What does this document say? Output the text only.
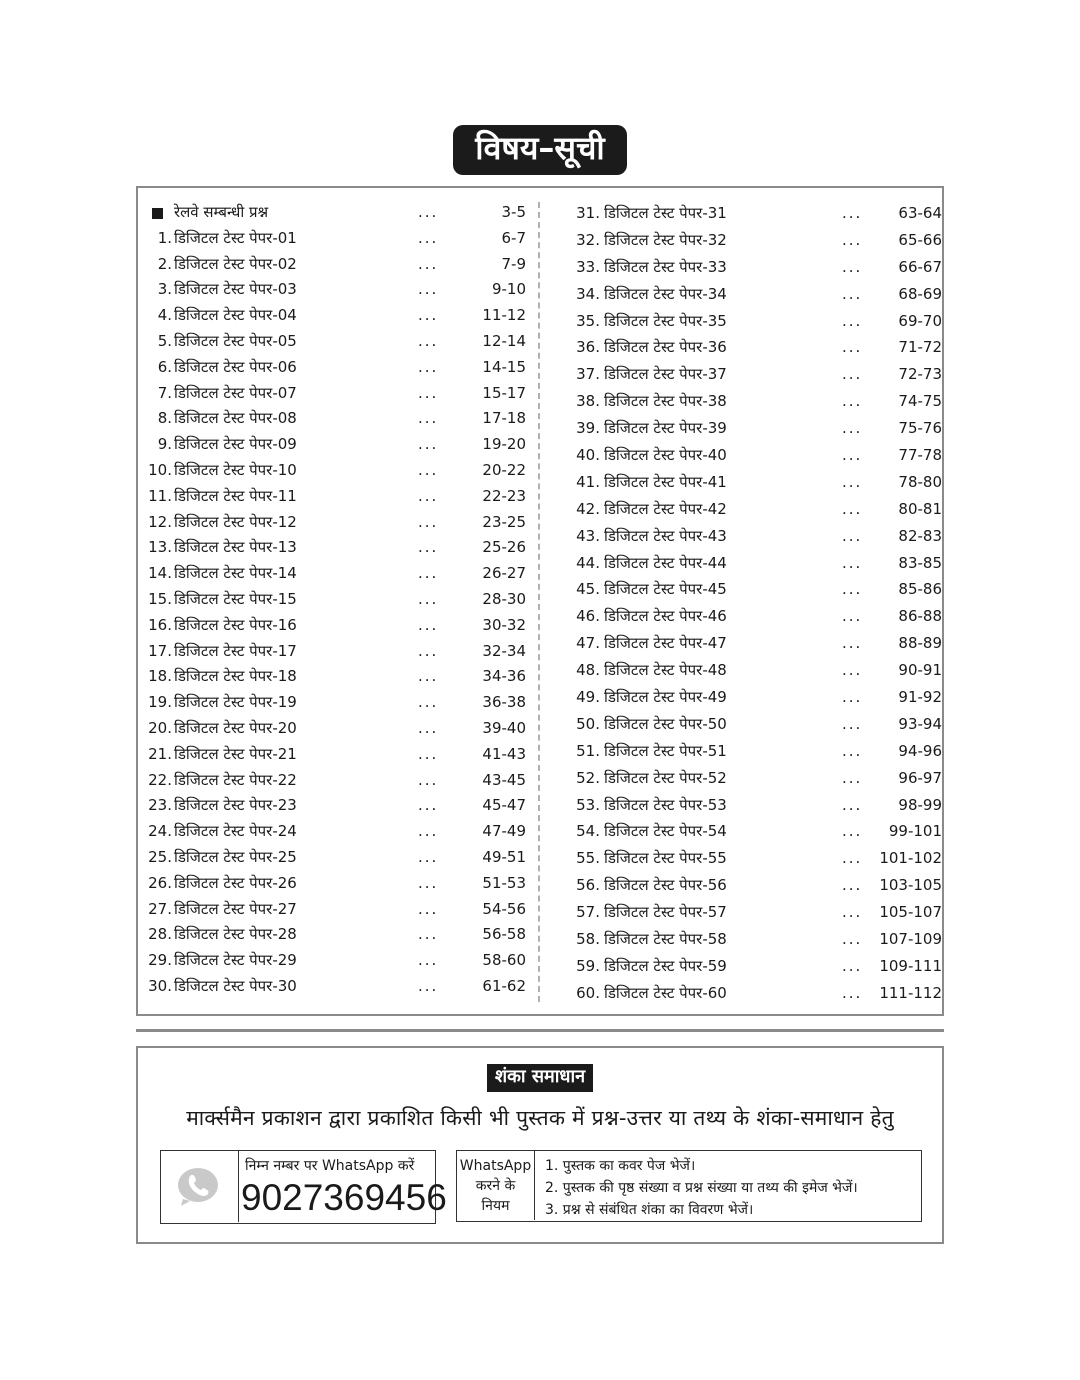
विषय–सूची
रेलवे सम्बन्धी प्रश्न	...	3-5
1. डिजिटल टेस्ट पेपर-01	...	6-7
2. डिजिटल टेस्ट पेपर-02	...	7-9
3. डिजिटल टेस्ट पेपर-03	...	9-10
4. डिजिटल टेस्ट पेपर-04	...	11-12
5. डिजिटल टेस्ट पेपर-05	...	12-14
6. डिजिटल टेस्ट पेपर-06	...	14-15
7. डिजिटल टेस्ट पेपर-07	...	15-17
8. डिजिटल टेस्ट पेपर-08	...	17-18
9. डिजिटल टेस्ट पेपर-09	...	19-20
10. डिजिटल टेस्ट पेपर-10	...	20-22
11. डिजिटल टेस्ट पेपर-11	...	22-23
12. डिजिटल टेस्ट पेपर-12	...	23-25
13. डिजिटल टेस्ट पेपर-13	...	25-26
14. डिजिटल टेस्ट पेपर-14	...	26-27
15. डिजिटल टेस्ट पेपर-15	...	28-30
16. डिजिटल टेस्ट पेपर-16	...	30-32
17. डिजिटल टेस्ट पेपर-17	...	32-34
18. डिजिटल टेस्ट पेपर-18	...	34-36
19. डिजिटल टेस्ट पेपर-19	...	36-38
20. डिजिटल टेस्ट पेपर-20	...	39-40
21. डिजिटल टेस्ट पेपर-21	...	41-43
22. डिजिटल टेस्ट पेपर-22	...	43-45
23. डिजिटल टेस्ट पेपर-23	...	45-47
24. डिजिटल टेस्ट पेपर-24	...	47-49
25. डिजिटल टेस्ट पेपर-25	...	49-51
26. डिजिटल टेस्ट पेपर-26	...	51-53
27. डिजिटल टेस्ट पेपर-27	...	54-56
28. डिजिटल टेस्ट पेपर-28	...	56-58
29. डिजिटल टेस्ट पेपर-29	...	58-60
30. डिजिटल टेस्ट पेपर-30	...	61-62
31. डिजिटल टेस्ट पेपर-31	...	63-64
32. डिजिटल टेस्ट पेपर-32	...	65-66
33. डिजिटल टेस्ट पेपर-33	...	66-67
34. डिजिटल टेस्ट पेपर-34	...	68-69
35. डिजिटल टेस्ट पेपर-35	...	69-70
36. डिजिटल टेस्ट पेपर-36	...	71-72
37. डिजिटल टेस्ट पेपर-37	...	72-73
38. डिजिटल टेस्ट पेपर-38	...	74-75
39. डिजिटल टेस्ट पेपर-39	...	75-76
40. डिजिटल टेस्ट पेपर-40	...	77-78
41. डिजिटल टेस्ट पेपर-41	...	78-80
42. डिजिटल टेस्ट पेपर-42	...	80-81
43. डिजिटल टेस्ट पेपर-43	...	82-83
44. डिजिटल टेस्ट पेपर-44	...	83-85
45. डिजिटल टेस्ट पेपर-45	...	85-86
46. डिजिटल टेस्ट पेपर-46	...	86-88
47. डिजिटल टेस्ट पेपर-47	...	88-89
48. डिजिटल टेस्ट पेपर-48	...	90-91
49. डिजिटल टेस्ट पेपर-49	...	91-92
50. डिजिटल टेस्ट पेपर-50	...	93-94
51. डिजिटल टेस्ट पेपर-51	...	94-96
52. डिजिटल टेस्ट पेपर-52	...	96-97
53. डिजिटल टेस्ट पेपर-53	...	98-99
54. डिजिटल टेस्ट पेपर-54	...	99-101
55. डिजिटल टेस्ट पेपर-55	...	101-102
56. डिजिटल टेस्ट पेपर-56	...	103-105
57. डिजिटल टेस्ट पेपर-57	...	105-107
58. डिजिटल टेस्ट पेपर-58	...	107-109
59. डिजिटल टेस्ट पेपर-59	...	109-111
60. डिजिटल टेस्ट पेपर-60	...	111-112
शंका समाधान
मार्क्समैन प्रकाशन द्वारा प्रकाशित किसी भी पुस्तक में प्रश्न-उत्तर या तथ्य के शंका-समाधान हेतु
निम्न नम्बर पर WhatsApp करें
9027369456
WhatsApp
करने के
नियम
1. पुस्तक का कवर पेज भेजें।
2. पुस्तक की पृष्ठ संख्या व प्रश्न संख्या या तथ्य की इमेज भेजें।
3. प्रश्न से संबंधित शंका का विवरण भेजें।
